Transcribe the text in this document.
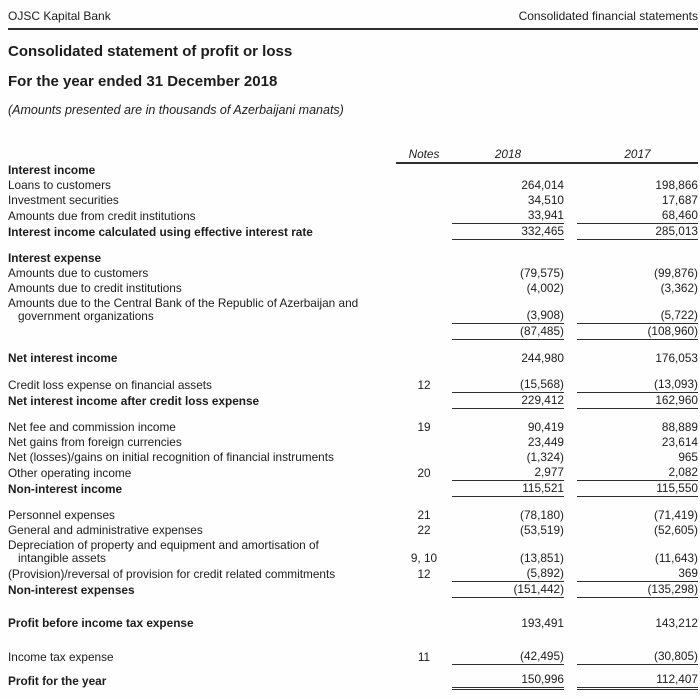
OJSC Kapital Bank	Consolidated financial statements
Consolidated statement of profit or loss
For the year ended 31 December 2018

(Amounts presented are in thousands of Azerbaijani manats)

	Notes	2018		2017

Interest income				

Loans to customers		264,014		198,866

Investment securities		34,510		17,687

Amounts due from credit institutions		33,941		68,460

Interest income calculated using effective interest rate		332,465		285,013

Interest expense				

Amounts due to customers		(79,575)		(99,876)

Amounts due to credit institutions		(4,002)		(3,362)

Amounts due to the Central Bank of the Republic of Azerbaijan and
government organizations		(3,908)		(5,722)

		(87,485)		(108,960)

Net interest income		244,980		176,053

Credit loss expense on financial assets	12	(15,568)		(13,093)

Net interest income after credit loss expense		229,412		162,960

Net fee and commission income	19	90,419		88,889

Net gains from foreign currencies		23,449		23,614

Net (losses)/gains on initial recognition of financial instruments		(1,324)		965

Other operating income	20	2,977		2,082

Non-interest income		115,521		115,550

Personnel expenses	21	(78,180)		(71,419)

General and administrative expenses	22	(53,519)		(52,605)

Depreciation of property and equipment and amortisation of
intangible assets	9, 10	(13,851)		(11,643)

(Provision)/reversal of provision for credit related commitments	12	(5,892)		369

Non-interest expenses		(151,442)		(135,298)

Profit before income tax expense		193,491		143,212

Income tax expense	11	(42,495)		(30,805)

Profit for the year		150,996		112,407
